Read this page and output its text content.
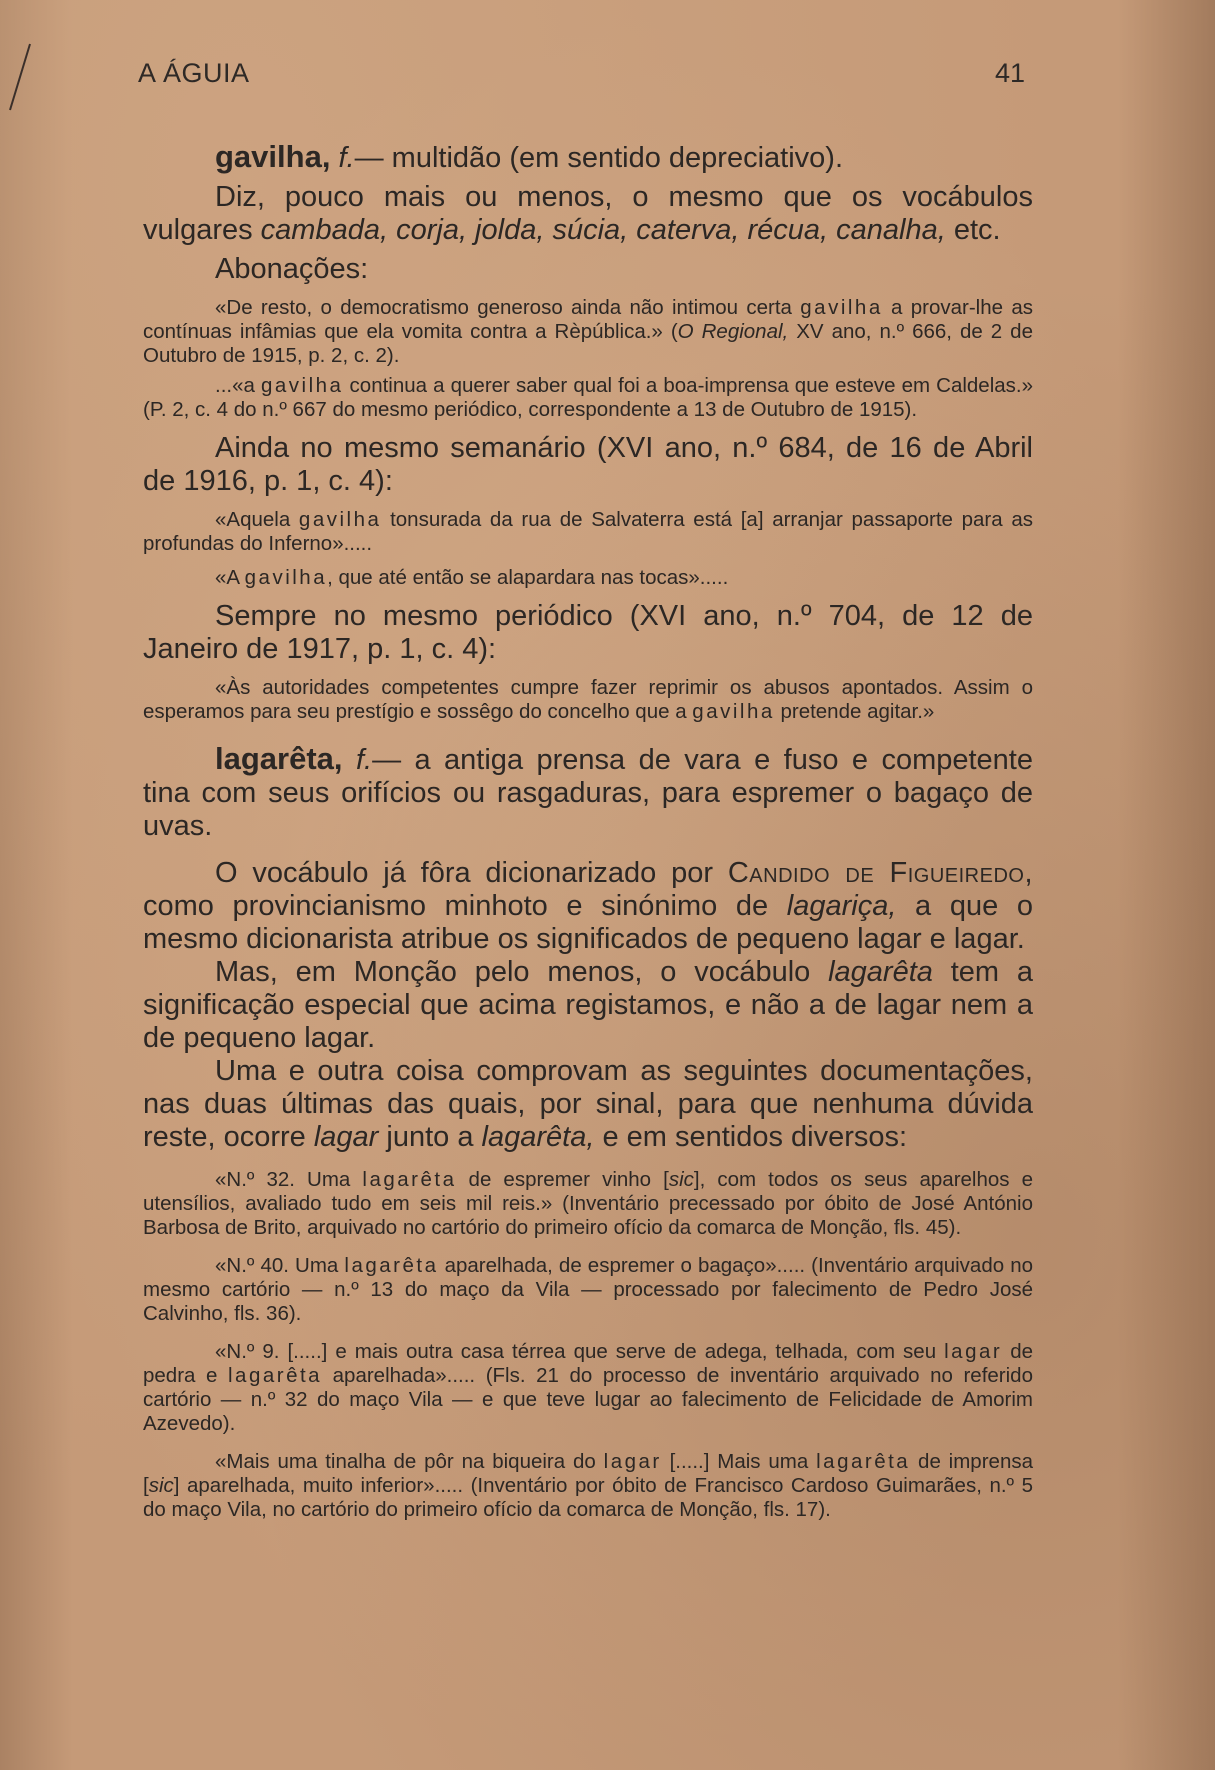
A ÁGUIA	41

gavilha, f.— multidão (em sentido depreciativo).

Diz, pouco mais ou menos, o mesmo que os vocábulos vulgares cambada, corja, jolda, súcia, caterva, récua, canalha, etc.

Abonações:

«De resto, o democratismo generoso ainda não intimou certa gavilha a provar-lhe as contínuas infâmias que ela vomita contra a Rèpública.» (O Regional, XV ano, n.º 666, de 2 de Outubro de 1915, p. 2, c. 2).

...«a gavilha continua a querer saber qual foi a boa-imprensa que esteve em Caldelas.» (P. 2, c. 4 do n.º 667 do mesmo periódico, correspondente a 13 de Outubro de 1915).

Ainda no mesmo semanário (XVI ano, n.º 684, de 16 de Abril de 1916, p. 1, c. 4):

«Aquela gavilha tonsurada da rua de Salvaterra está [a] arranjar passaporte para as profundas do Inferno».....

«A gavilha, que até então se alapardara nas tocas».....

Sempre no mesmo periódico (XVI ano, n.º 704, de 12 de Janeiro de 1917, p. 1, c. 4):

«Às autoridades competentes cumpre fazer reprimir os abusos apontados. Assim o esperamos para seu prestígio e sossêgo do concelho que a gavilha pretende agitar.»

lagarêta, f.— a antiga prensa de vara e fuso e competente tina com seus orifícios ou rasgaduras, para espremer o bagaço de uvas.

O vocábulo já fôra dicionarizado por Candido de Figueiredo, como provincianismo minhoto e sinónimo de lagariça, a que o mesmo dicionarista atribue os significados de pequeno lagar e lagar.

Mas, em Monção pelo menos, o vocábulo lagarêta tem a significação especial que acima registamos, e não a de lagar nem a de pequeno lagar.

Uma e outra coisa comprovam as seguintes documentações, nas duas últimas das quais, por sinal, para que nenhuma dúvida reste, ocorre lagar junto a lagarêta, e em sentidos diversos:

«N.º 32. Uma lagarêta de espremer vinho [sic], com todos os seus aparelhos e utensílios, avaliado tudo em seis mil reis.» (Inventário precessado por óbito de José António Barbosa de Brito, arquivado no cartório do primeiro ofício da comarca de Monção, fls. 45).

«N.º 40. Uma lagarêta aparelhada, de espremer o bagaço»..... (Inventário arquivado no mesmo cartório — n.º 13 do maço da Vila — processado por falecimento de Pedro José Calvinho, fls. 36).

«N.º 9. [.....] e mais outra casa térrea que serve de adega, telhada, com seu lagar de pedra e lagarêta aparelhada»..... (Fls. 21 do processo de inventário arquivado no referido cartório — n.º 32 do maço Vila — e que teve lugar ao falecimento de Felicidade de Amorim Azevedo).

«Mais uma tinalha de pôr na biqueira do lagar [.....] Mais uma lagarêta de imprensa [sic] aparelhada, muito inferior»..... (Inventário por óbito de Francisco Cardoso Guimarães, n.º 5 do maço Vila, no cartório do primeiro ofício da comarca de Monção, fls. 17).
